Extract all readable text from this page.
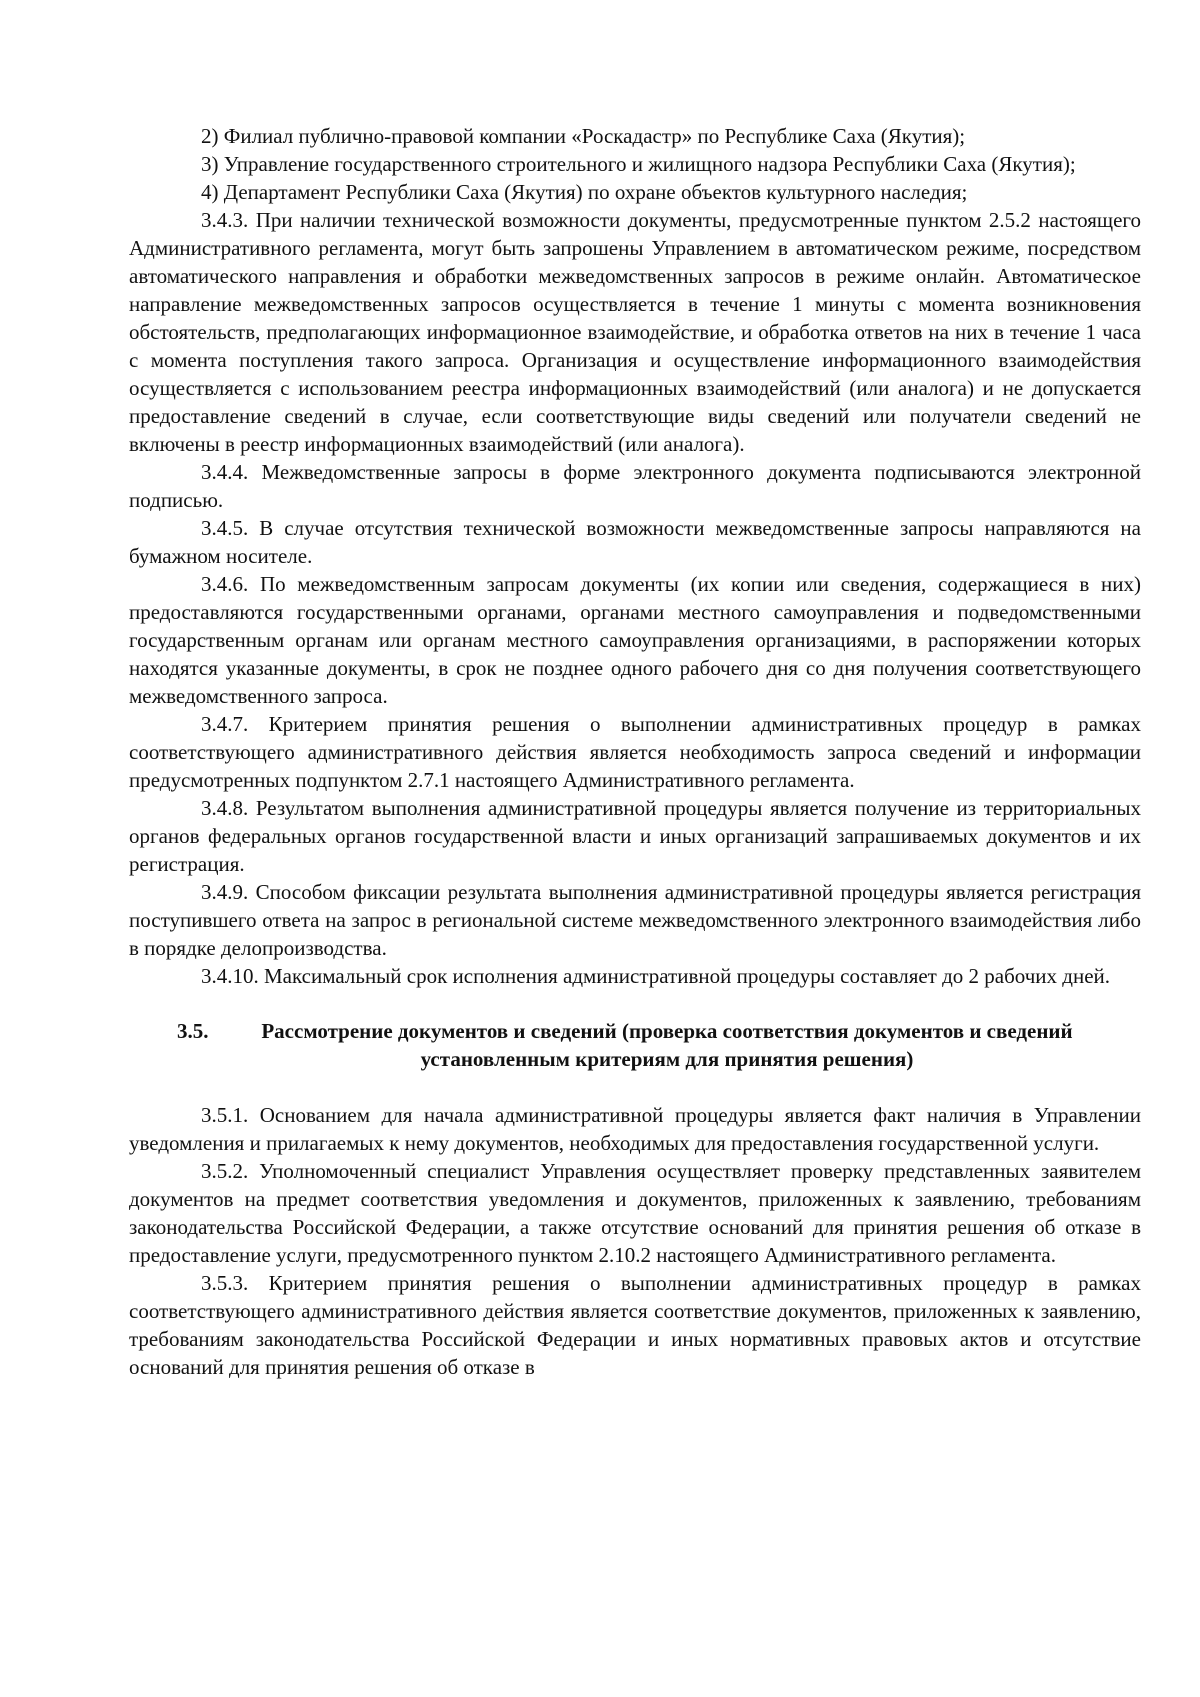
2) Филиал публично-правовой компании «Роскадастр» по Республике Саха (Якутия);

3) Управление государственного строительного и жилищного надзора Республики Саха (Якутия);

4) Департамент Республики Саха (Якутия) по охране объектов культурного наследия;

3.4.3. При наличии технической возможности документы, предусмотренные пунктом 2.5.2 настоящего Административного регламента, могут быть запрошены Управлением в автоматическом режиме, посредством автоматического направления и обработки межведомственных запросов в режиме онлайн. Автоматическое направление межведомственных запросов осуществляется в течение 1 минуты с момента возникновения обстоятельств, предполагающих информационное взаимодействие, и обработка ответов на них в течение 1 часа с момента поступления такого запроса. Организация и осуществление информационного взаимодействия осуществляется с использованием реестра информационных взаимодействий (или аналога) и не допускается предоставление сведений в случае, если соответствующие виды сведений или получатели сведений не включены в реестр информационных взаимодействий (или аналога).

3.4.4. Межведомственные запросы в форме электронного документа подписываются электронной подписью.

3.4.5. В случае отсутствия технической возможности межведомственные запросы направляются на бумажном носителе.

3.4.6. По межведомственным запросам документы (их копии или сведения, содержащиеся в них) предоставляются государственными органами, органами местного самоуправления и подведомственными государственным органам или органам местного самоуправления организациями, в распоряжении которых находятся указанные документы, в срок не позднее одного рабочего дня со дня получения соответствующего межведомственного запроса.

3.4.7. Критерием принятия решения о выполнении административных процедур в рамках соответствующего административного действия является необходимость запроса сведений и информации предусмотренных подпунктом 2.7.1 настоящего Административного регламента.

3.4.8. Результатом выполнения административной процедуры является получение из территориальных органов федеральных органов государственной власти и иных организаций запрашиваемых документов и их регистрация.

3.4.9. Способом фиксации результата выполнения административной процедуры является регистрация поступившего ответа на запрос в региональной системе межведомственного электронного взаимодействия либо в порядке делопроизводства.

3.4.10. Максимальный срок исполнения административной процедуры составляет до 2 рабочих дней.

3.5.	Рассмотрение документов и сведений (проверка соответствия документов и сведений установленным критериям для принятия решения)

3.5.1. Основанием для начала административной процедуры является факт наличия в Управлении уведомления и прилагаемых к нему документов, необходимых для предоставления государственной услуги.

3.5.2. Уполномоченный специалист Управления осуществляет проверку представленных заявителем документов на предмет соответствия уведомления и документов, приложенных к заявлению, требованиям законодательства Российской Федерации, а также отсутствие оснований для принятия решения об отказе в предоставление услуги, предусмотренного пунктом 2.10.2 настоящего Административного регламента.

3.5.3. Критерием принятия решения о выполнении административных процедур в рамках соответствующего административного действия является соответствие документов, приложенных к заявлению, требованиям законодательства Российской Федерации и иных нормативных правовых актов и отсутствие оснований для принятия решения об отказе в
